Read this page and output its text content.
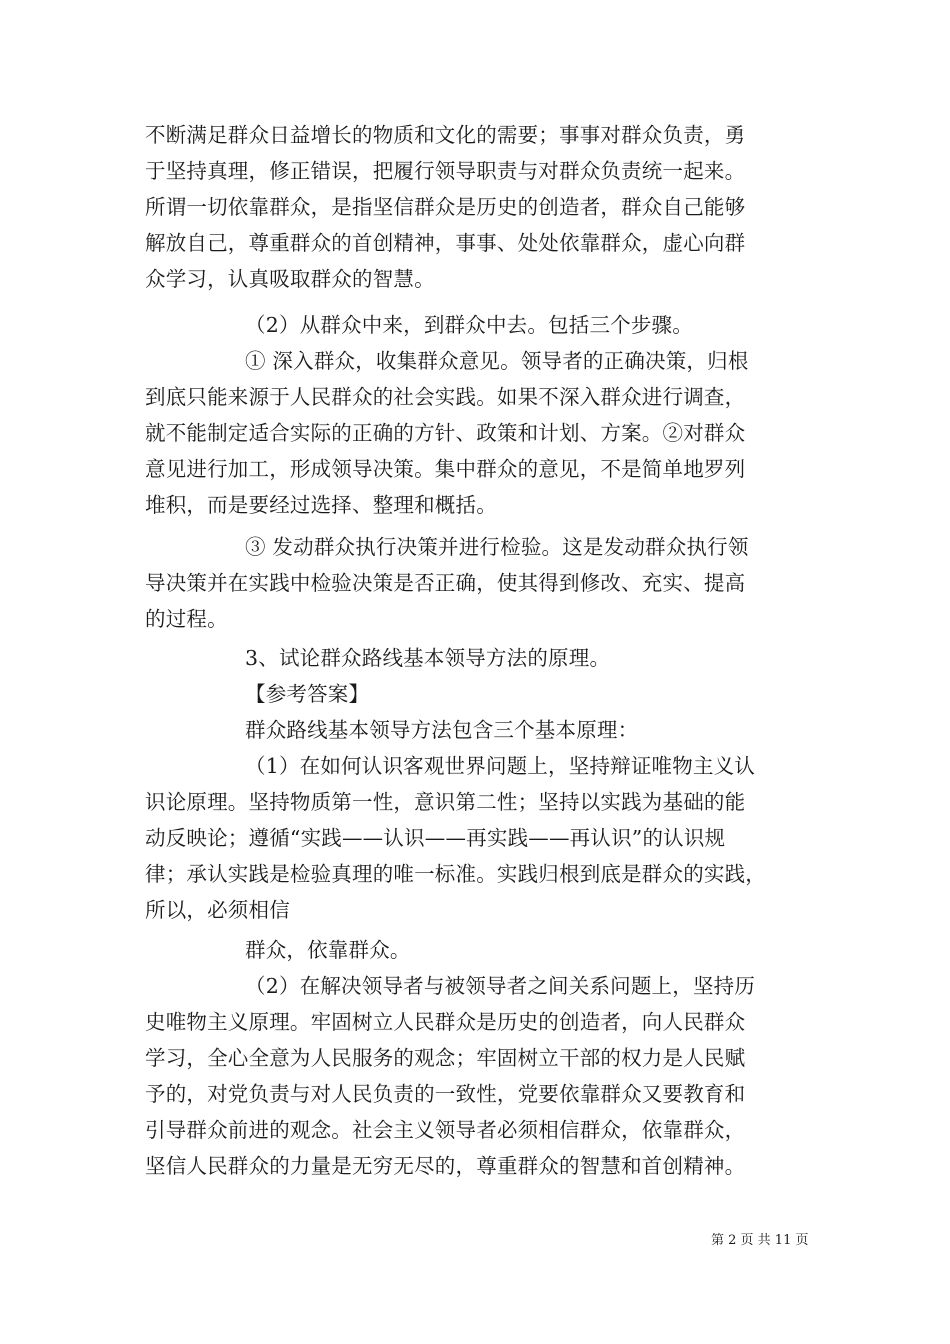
不断满足群众日益增长的物质和文化的需要；事事对群众负责，勇
于坚持真理，修正错误，把履行领导职责与对群众负责统一起来。
所谓一切依靠群众，是指坚信群众是历史的创造者，群众自己能够
解放自己，尊重群众的首创精神，事事、处处依靠群众，虚心向群
众学习，认真吸取群众的智慧。
（2）从群众中来，到群众中去。包括三个步骤。
① 深入群众，收集群众意见。领导者的正确决策，归根
到底只能来源于人民群众的社会实践。如果不深入群众进行调查，
就不能制定适合实际的正确的方针、政策和计划、方案。②对群众
意见进行加工，形成领导决策。集中群众的意见，不是简单地罗列
堆积，而是要经过选择、整理和概括。
③ 发动群众执行决策并进行检验。这是发动群众执行领
导决策并在实践中检验决策是否正确，使其得到修改、充实、提高
的过程。
3、试论群众路线基本领导方法的原理。
【参考答案】
群众路线基本领导方法包含三个基本原理：
（1）在如何认识客观世界问题上，坚持辩证唯物主义认
识论原理。坚持物质第一性，意识第二性；坚持以实践为基础的能
动反映论；遵循“实践——认识——再实践——再认识”的认识规
律；承认实践是检验真理的唯一标准。实践归根到底是群众的实践，
所以，必须相信
群众，依靠群众。
（2）在解决领导者与被领导者之间关系问题上，坚持历
史唯物主义原理。牢固树立人民群众是历史的创造者，向人民群众
学习，全心全意为人民服务的观念；牢固树立干部的权力是人民赋
予的，对党负责与对人民负责的一致性，党要依靠群众又要教育和
引导群众前进的观念。社会主义领导者必须相信群众，依靠群众，
坚信人民群众的力量是无穷无尽的，尊重群众的智慧和首创精神。
第 2 页 共 11 页
